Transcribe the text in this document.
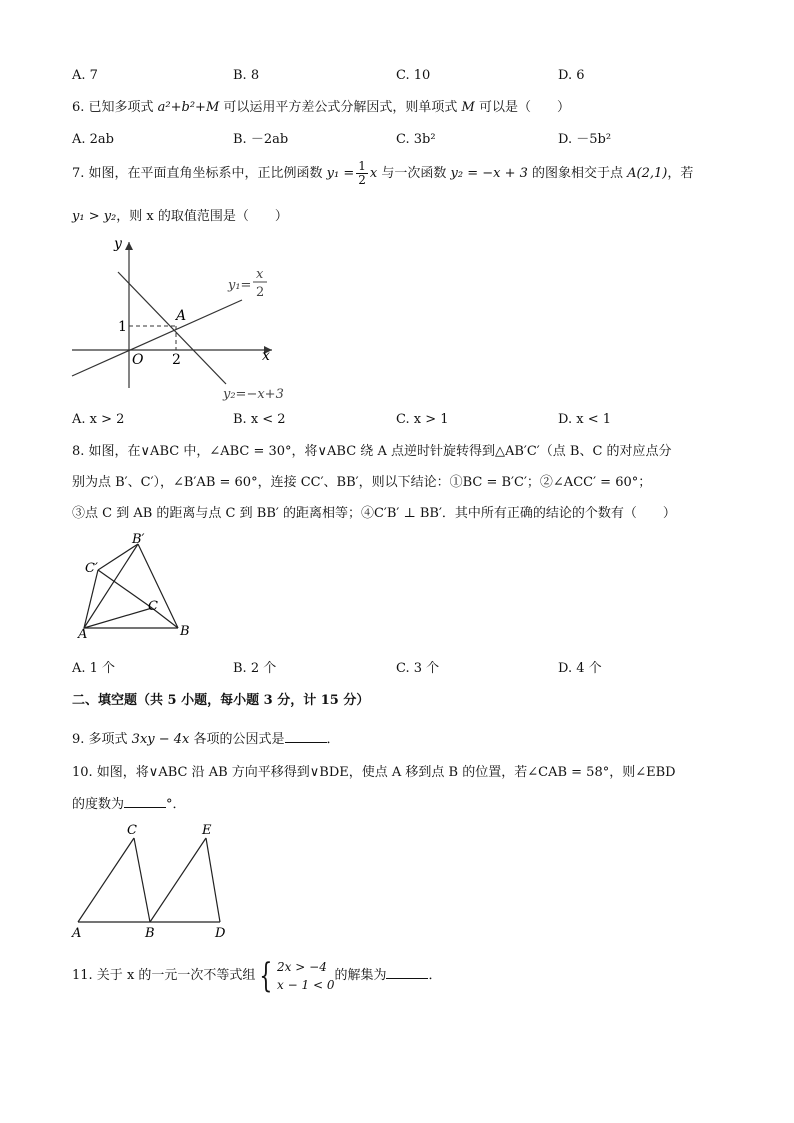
A. 7	B. 8	C. 10	D. 6
6. 已知多项式 a²+b²+M 可以运用平方差公式分解因式，则单项式 M 可以是（　　）
A. 2ab	B. －2ab	C. 3b²	D. －5b²
7. 如图，在平面直角坐标系中，正比例函数 $y_1 = \frac{1}{2}$ x 与一次函数 y₂ = −x + 3 的图象相交于点 A(2,1)，若
y₁ > y₂，则 x 的取值范围是（　　）
y
x
O
1
2
A
y₁=
x
2
y₂=−x+3
A. x > 2	B. x < 2	C. x > 1	D. x < 1
8. 如图，在∨ABC 中，∠ABC = 30°，将∨ABC 绕 A 点逆时针旋转得到△AB′C′（点 B、C 的对应点分
别为点 B′、C′），∠B′AB = 60°，连接 CC′、BB′，则以下结论：①BC = B′C′；②∠ACC′ = 60°；
③点 C 到 AB 的距离与点 C 到 BB′ 的距离相等；④C′B′ ⊥ BB′．其中所有正确的结论的个数有（　　）
B′
C′
C
A	B
A. 1 个	B. 2 个	C. 3 个	D. 4 个
二、填空题（共 5 小题，每小题 3 分，计 15 分）
9. 多项式 3xy − 4x 各项的公因式是	．
10. 如图，将∨ABC 沿 AB 方向平移得到∨BDE，使点 A 移到点 B 的位置，若∠CAB = 58°，则∠EBD
的度数为	°．
C	E
A	B	D
11. 关于 x 的一元一次不等式组 { 2x > −4
x − 1 < 0
的解集为	．
